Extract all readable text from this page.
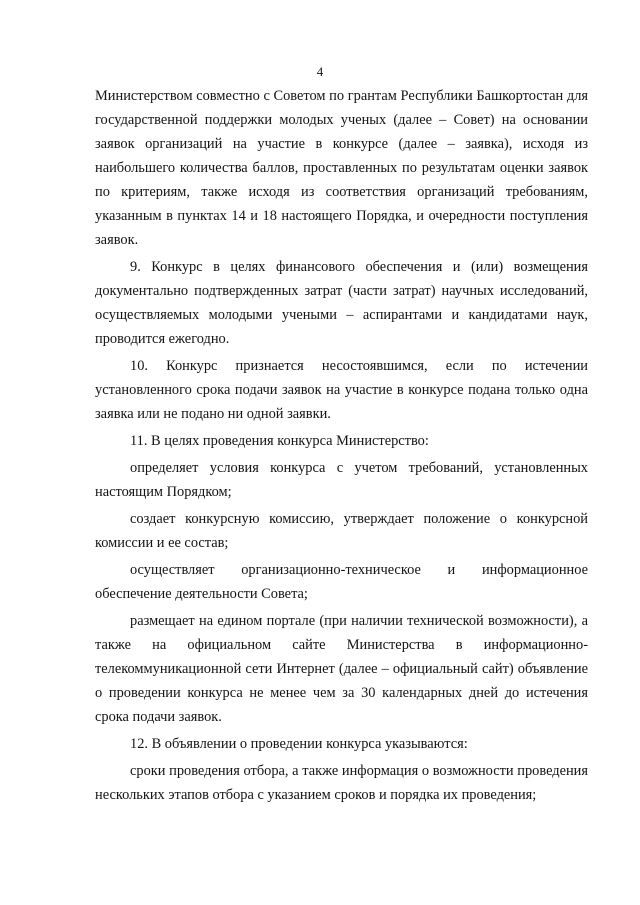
4

Министерством совместно с Советом по грантам Республики Башкортостан для государственной поддержки молодых ученых (далее – Совет) на основании заявок организаций на участие в конкурсе (далее – заявка), исходя из наибольшего количества баллов, проставленных по результатам оценки заявок по критериям, также исходя из соответствия организаций требованиям, указанным в пунктах 14 и 18 настоящего Порядка, и очередности поступления заявок.

9. Конкурс в целях финансового обеспечения и (или) возмещения документально подтвержденных затрат (части затрат) научных исследований, осуществляемых молодыми учеными – аспирантами и кандидатами наук, проводится ежегодно.

10. Конкурс признается несостоявшимся, если по истечении установленного срока подачи заявок на участие в конкурсе подана только одна заявка или не подано ни одной заявки.

11. В целях проведения конкурса Министерство:

определяет условия конкурса с учетом требований, установленных настоящим Порядком;

создает конкурсную комиссию, утверждает положение о конкурсной комиссии и ее состав;

осуществляет организационно-техническое и информационное обеспечение деятельности Совета;

размещает на едином портале (при наличии технической возможности), а также на официальном сайте Министерства в информационно-телекоммуникационной сети Интернет (далее – официальный сайт) объявление о проведении конкурса не менее чем за 30 календарных дней до истечения срока подачи заявок.

12. В объявлении о проведении конкурса указываются:

сроки проведения отбора, а также информация о возможности проведения нескольких этапов отбора с указанием сроков и порядка их проведения;
